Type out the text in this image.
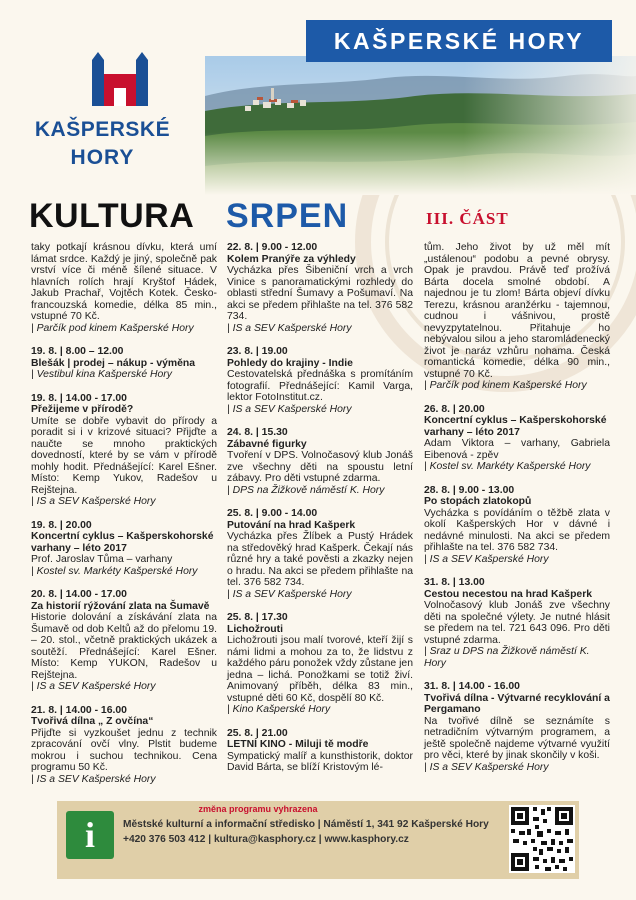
KAŠPERSKÉ
HORY
KAŠPERSKÉ HORY
KULTURA SRPEN	III. ČÁST

taky potkají krásnou dívku, která umí lámat srdce. Každý je jiný, společně pak vrství více či méně šílené situace. V hlavních rolích hrají Kryštof Hádek, Jakub Prachař, Vojtěch Kotek. Česko-francouzská komedie, délka 85 min., vstupné 70 Kč.

| Parčík pod kinem Kašperské Hory

19. 8. | 8.00 – 12.00
Blešák | prodej – nákup - výměna

| Vestibul kina Kašperské Hory

19. 8. | 14.00 - 17.00
Přežijeme v přírodě?

Umíte se dobře vybavit do přírody a poradit si i v krizové situaci? Přijďte a naučte se mnoho praktických dovedností, které by se vám v přírodě mohly hodit. Přednášející: Karel Ešner. Místo: Kemp Yukov, Radešov u Rejštejna.

| IS a SEV Kašperské Hory

19. 8. | 20.00
Koncertní cyklus – Kašperskohorské varhany – léto 2017

Prof. Jaroslav Tůma – varhany

| Kostel sv. Markéty Kašperské Hory

20. 8. | 14.00 - 17.00
Za historií rýžování zlata na Šumavě

Historie dolování a získávání zlata na Šumavě od dob Keltů až do přelomu 19. – 20. stol., včetně praktických ukázek a soutěží. Přednášející: Karel Ešner. Místo: Kemp YUKON, Radešov u Rejštejna.

| IS a SEV Kašperské Hory

21. 8. | 14.00 - 16.00
Tvořivá dílna „ Z ovčína“

Přijďte si vyzkoušet jednu z technik zpracování ovčí vlny. Plstit budeme mokrou i suchou technikou. Cena programu 50 Kč.

| IS a SEV Kašperské Hory

22. 8. | 9.00 - 12.00
Kolem Pranýře za výhledy

Vycházka přes Šibeniční vrch a vrch Vinice s panoramatickými rozhledy do oblasti střední Šumavy a Pošumaví. Na akci se předem přihlašte na tel. 376 582 734.

| IS a SEV Kašperské Hory

23. 8. | 19.00
Pohledy do krajiny - Indie

Cestovatelská přednáška s promítáním fotografií. Přednášející: Kamil Varga, lektor FotoInstitut.cz.

| IS a SEV Kašperské Hory

24. 8. | 15.30
Zábavné figurky

Tvoření v DPS. Volnočasový klub Jonáš zve všechny děti na spoustu letní zábavy. Pro děti vstupné zdarma.

| DPS na Žižkově náměstí K. Hory

25. 8. | 9.00 - 14.00
Putování na hrad Kašperk

Vycházka přes Žlíbek a Pustý Hrádek na středověký hrad Kašperk. Čekají nás různé hry a také pověsti a zkazky nejen o hradu. Na akci se předem přihlašte na tel. 376 582 734.

| IS a SEV Kašperské Hory

25. 8. | 17.30
Lichožrouti

Lichožrouti jsou malí tvorové, kteří žijí s námi lidmi a mohou za to, že lidstvu z každého páru ponožek vždy zůstane jen jedna – lichá. Ponožkami se totiž živí. Animovaný příběh, délka 83 min., vstupné děti 60 Kč, dospělí 80 Kč.

| Kino Kašperské Hory

25. 8. | 21.00
LETNÍ KINO - Miluji tě modře

Sympatický malíř a kunsthistorik, doktor David Bárta, se blíží Kristovým lé-

tům. Jeho život by už měl mít „ustálenou“ podobu a pevné obrysy. Opak je pravdou. Právě teď prožívá Bárta docela smolné období. A najednou je tu zlom! Bárta objeví dívku Terezu, krásnou aranžérku - tajemnou, cudnou i vášnivou, prostě nevyzpytatelnou. Přitahuje ho nebývalou silou a jeho staromládenecký život je naráz vzhůru nohama. Česká romantická komedie, délka 90 min., vstupné 70 Kč.

| Parčík pod kinem Kašperské Hory

26. 8. | 20.00
Koncertní cyklus – Kašperskohorské varhany – léto 2017

Adam Viktora – varhany, Gabriela Eibenová - zpěv

| Kostel sv. Markéty Kašperské Hory

28. 8. | 9.00 - 13.00
Po stopách zlatokopů

Vycházka s povídáním o těžbě zlata v okolí Kašperských Hor v dávné i nedávné minulosti. Na akci se předem přihlašte na tel. 376 582 734.

| IS a SEV Kašperské Hory

31. 8. | 13.00
Cestou necestou na hrad Kašperk

Volnočasový klub Jonáš zve všechny děti na společné výlety. Je nutné hlásit se předem na tel. 721 643 096. Pro děti vstupné zdarma.

| Sraz u DPS na Žižkově náměstí K. Hory

31. 8. | 14.00 - 16.00
Tvořivá dílna - Výtvarné recyklování a Pergamano

Na tvořivé dílně se seznámíte s netradičním výtvarným programem, a ještě společně najdeme výtvarné využití pro věci, které by jinak skončily v koši.

| IS a SEV Kašperské Hory

změna programu vyhrazena
i	Městské kulturní a informační středisko | Náměstí 1, 341 92 Kašperské Hory
+420 376 503 412 | kultura@kasphory.cz | www.kasphory.cz
